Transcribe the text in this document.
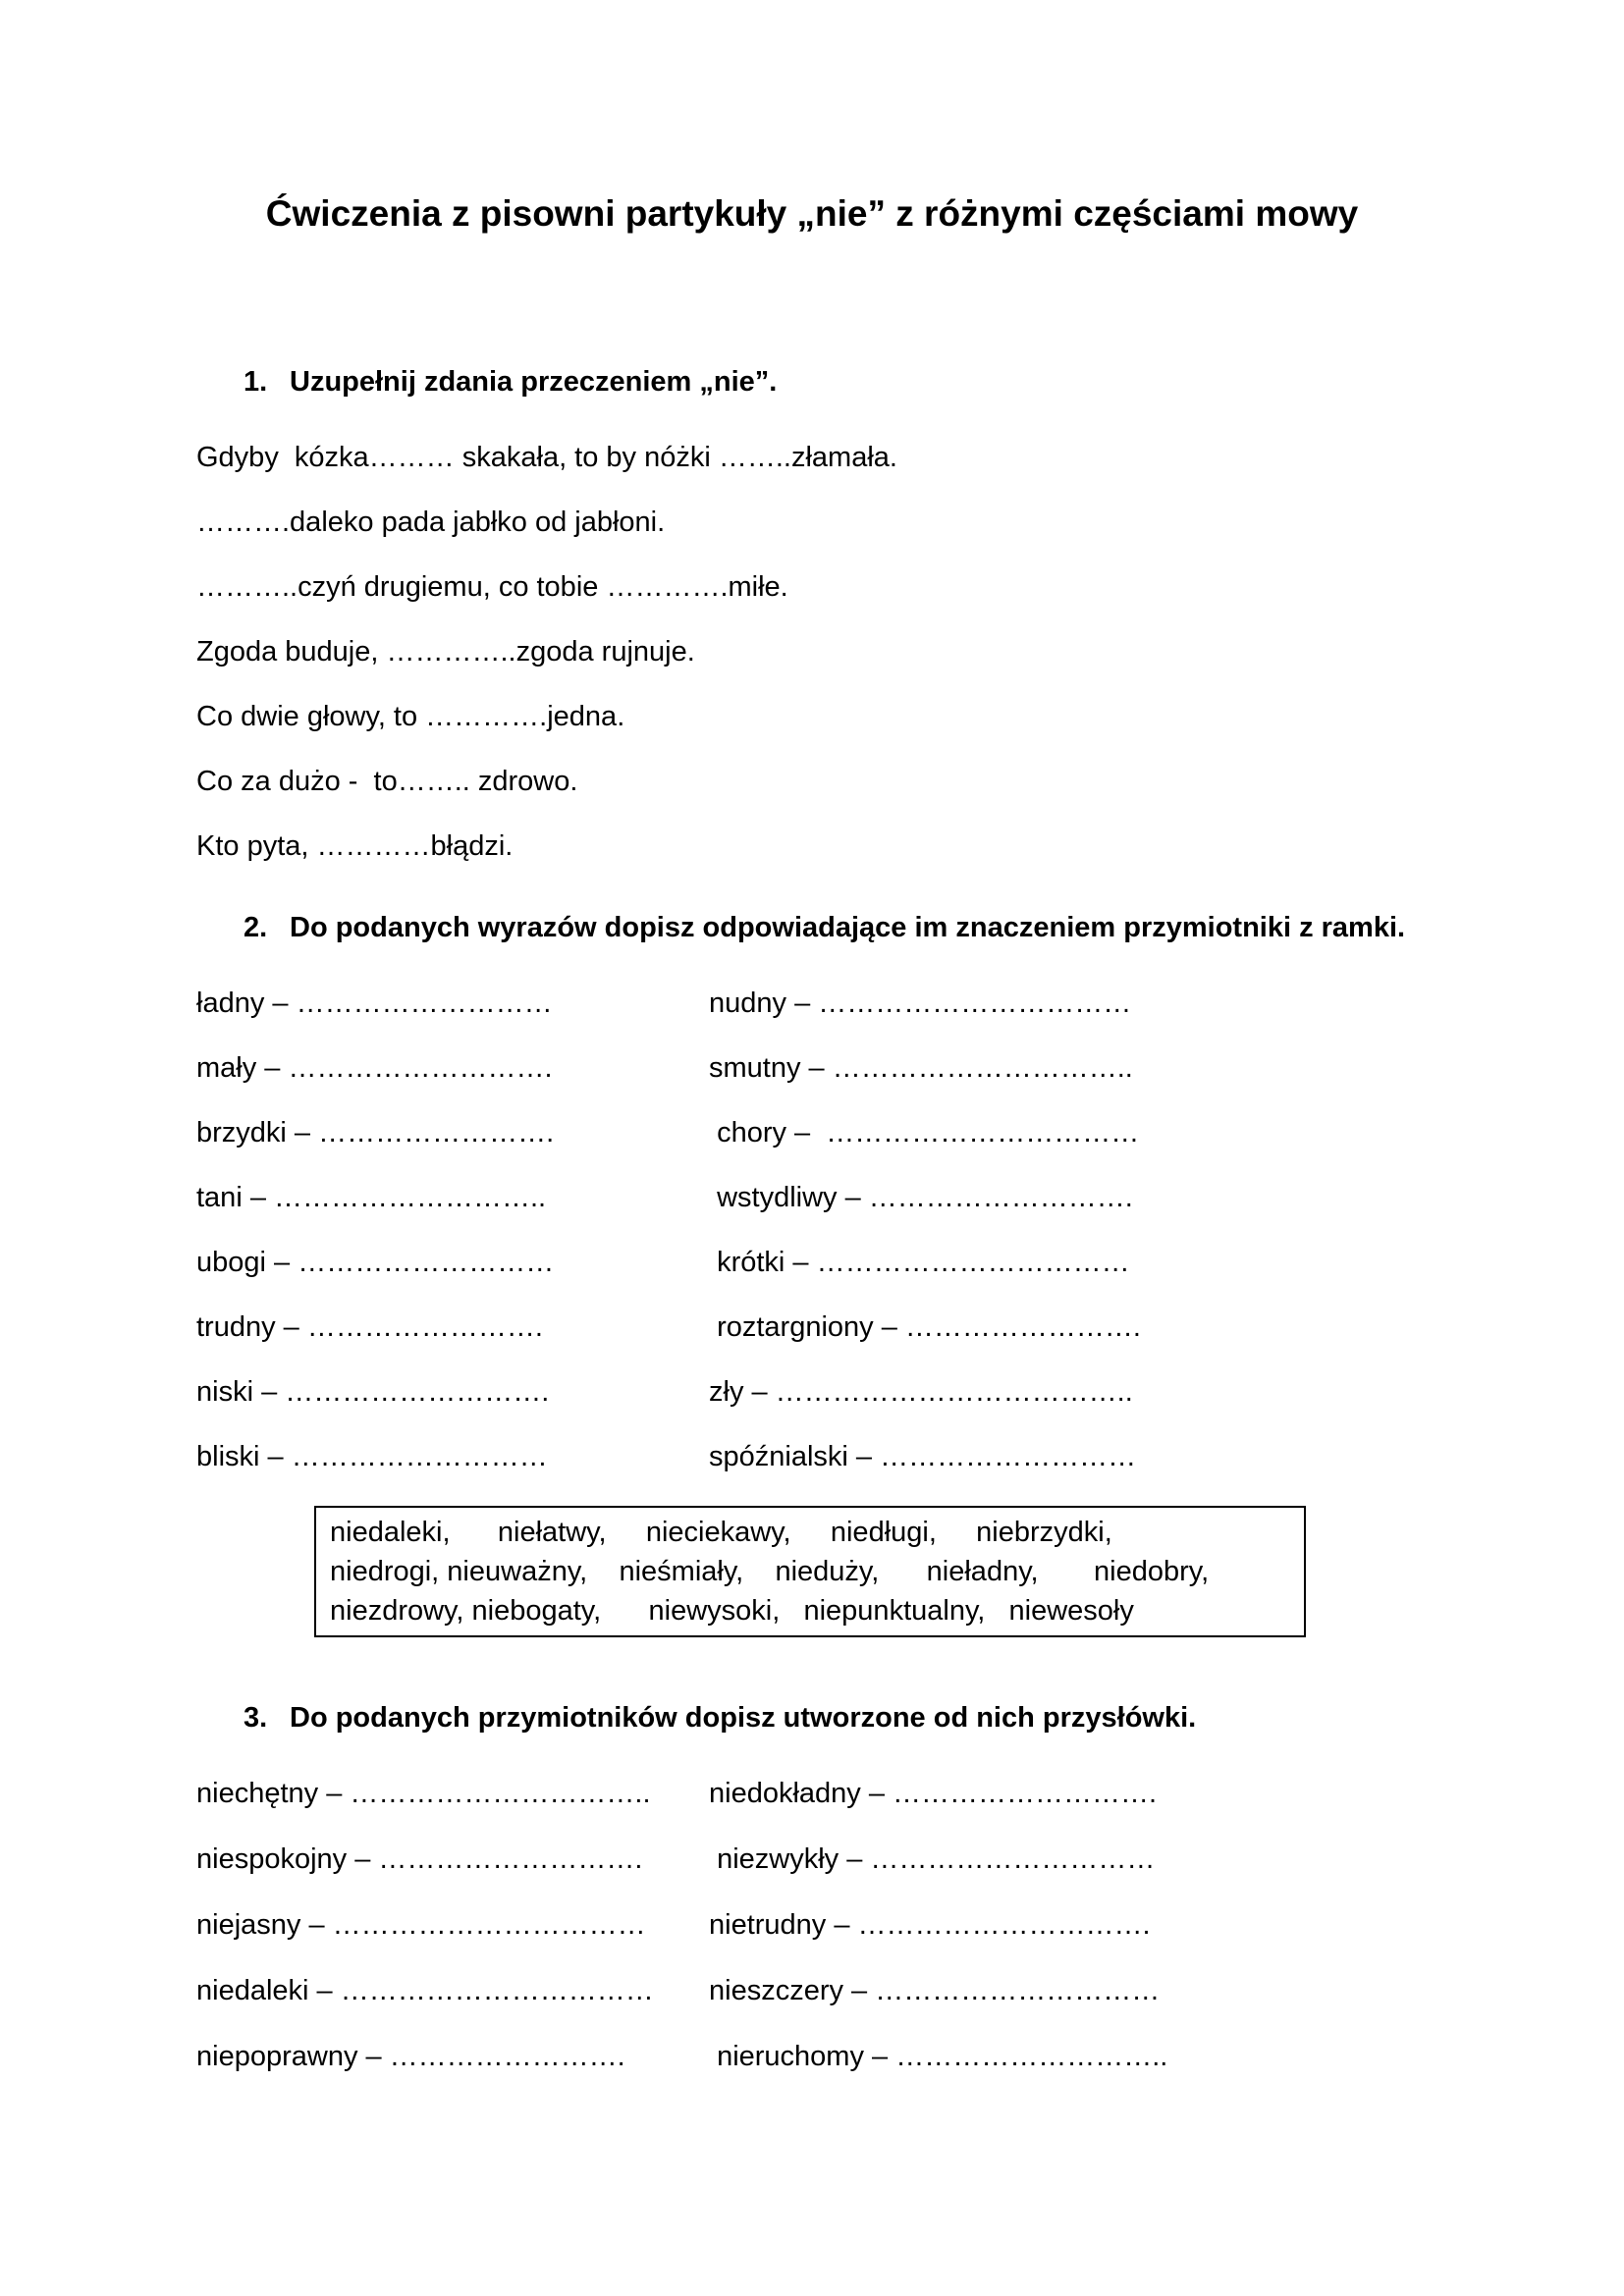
Ćwiczenia z pisowni partykuły „nie” z różnymi częściami mowy

1. Uzupełnij zdania przeczeniem „nie”.

Gdyby  kózka……… skakała, to by nóżki ……..złamała.

……….daleko pada jabłko od jabłoni.

………..czyń drugiemu, co tobie ………….miłe.

Zgoda buduje, …………..zgoda rujnuje.

Co dwie głowy, to ………….jedna.

Co za dużo -  to…….. zdrowo.

Kto pyta, …………błądzi.

2. Do podanych wyrazów dopisz odpowiadające im znaczeniem przymiotniki z ramki.

ładny – ………………………	nudny – ……………………………
mały – ……………………….	smutny – …………………………..
brzydki – …………………….	chory –  ……………………………
tani – ………………………..	wstydliwy – ……………………….
ubogi – ………………………	krótki – ……………………………
trudny – …………………….	roztargniony – …………………….
niski – ……………………….	zły – ………………………………..
bliski – ………………………	spóźnialski – ………………………

niedaleki,      niełatwy,     nieciekawy,     niedługi,     niebrzydki,

niedrogi, nieuważny,    nieśmiały,    nieduży,      nieładny,       niedobry,

niezdrowy, niebogaty,      niewysoki,   niepunktualny,   niewesoły

3. Do podanych przymiotników dopisz utworzone od nich przysłówki.

niechętny – …………………………..	niedokładny – ……………………….
niespokojny – ……………………….	niezwykły – …………………………
niejasny – ……………………………	nietrudny – ………………………….
niedaleki – ……………………………	nieszczery – …………………………
niepoprawny – …………………….	nieruchomy – ………………………..
